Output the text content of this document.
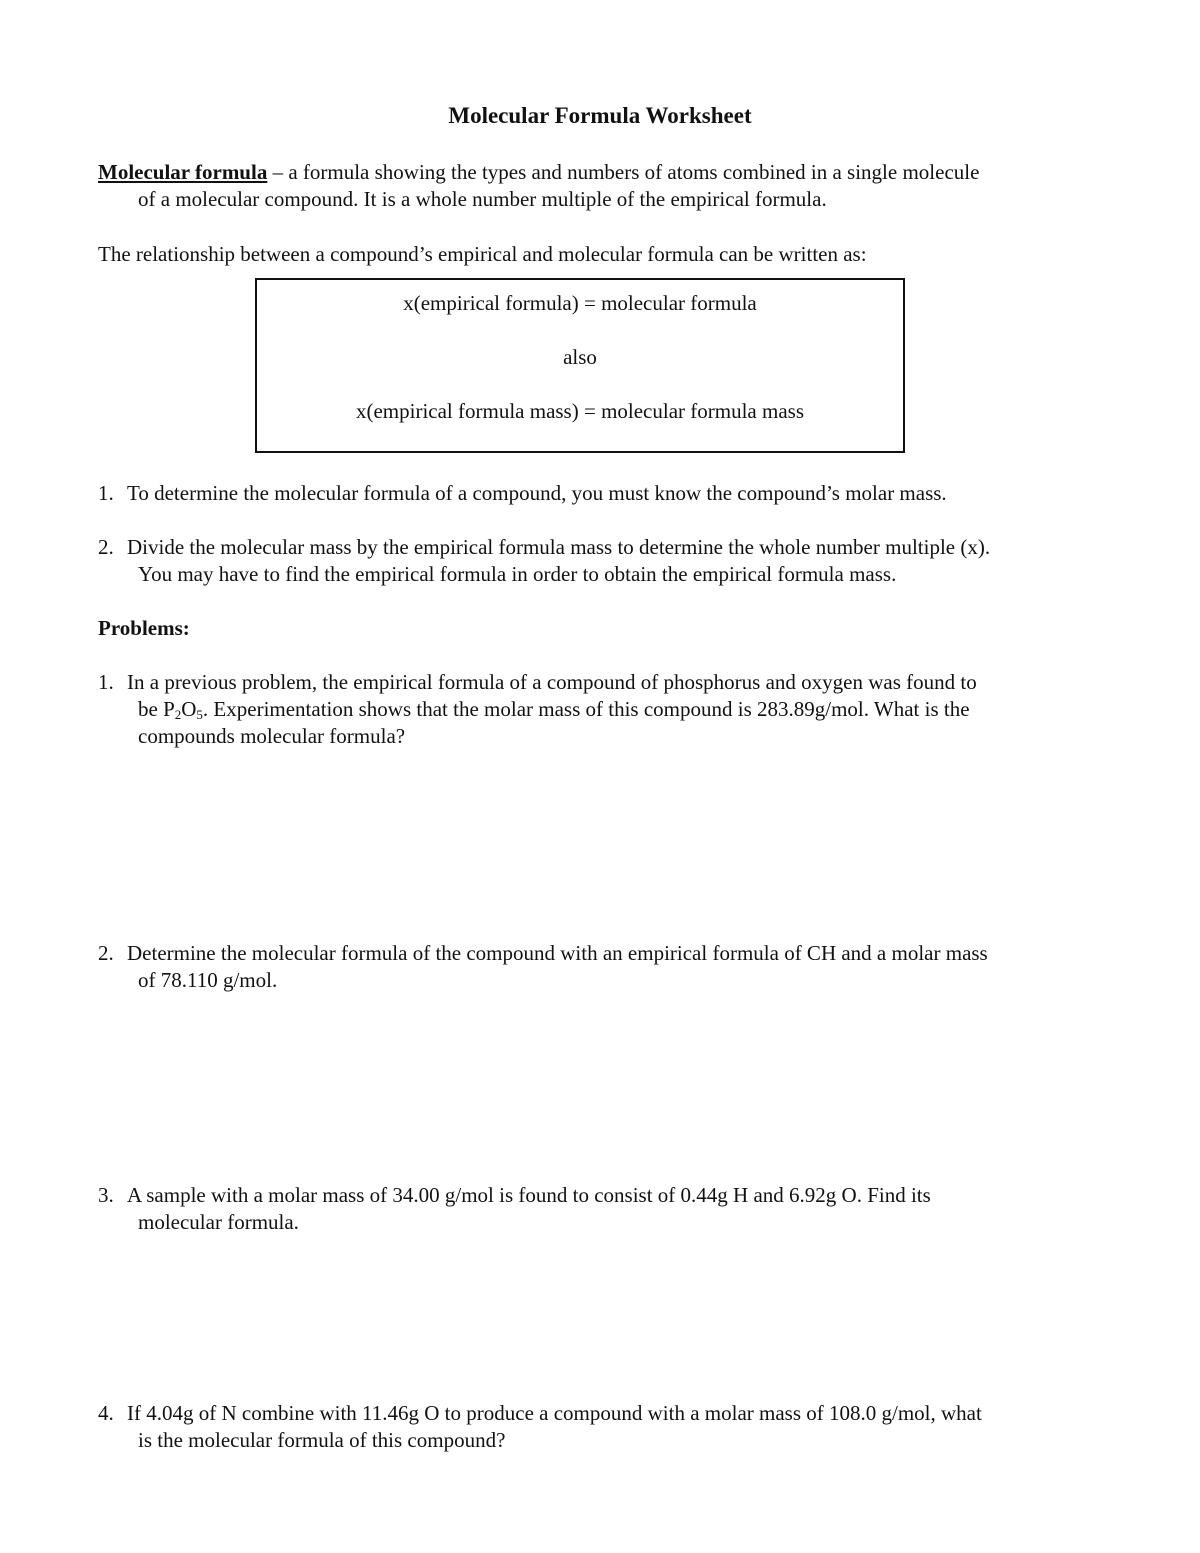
Molecular Formula Worksheet
Molecular formula – a formula showing the types and numbers of atoms combined in a single molecule
of a molecular compound. It is a whole number multiple of the empirical formula.
The relationship between a compound’s empirical and molecular formula can be written as:
x(empirical formula) = molecular formula
also
x(empirical formula mass) = molecular formula mass
1. To determine the molecular formula of a compound, you must know the compound’s molar mass.
2. Divide the molecular mass by the empirical formula mass to determine the whole number multiple (x).
You may have to find the empirical formula in order to obtain the empirical formula mass.
Problems:
1. In a previous problem, the empirical formula of a compound of phosphorus and oxygen was found to
be $P_2O_5$. Experimentation shows that the molar mass of this compound is 283.89g/mol. What is the
compounds molecular formula?
2. Determine the molecular formula of the compound with an empirical formula of CH and a molar mass
of 78.110 g/mol.
3. A sample with a molar mass of 34.00 g/mol is found to consist of 0.44g H and 6.92g O. Find its
molecular formula.
4. If 4.04g of N combine with 11.46g O to produce a compound with a molar mass of 108.0 g/mol, what
is the molecular formula of this compound?
